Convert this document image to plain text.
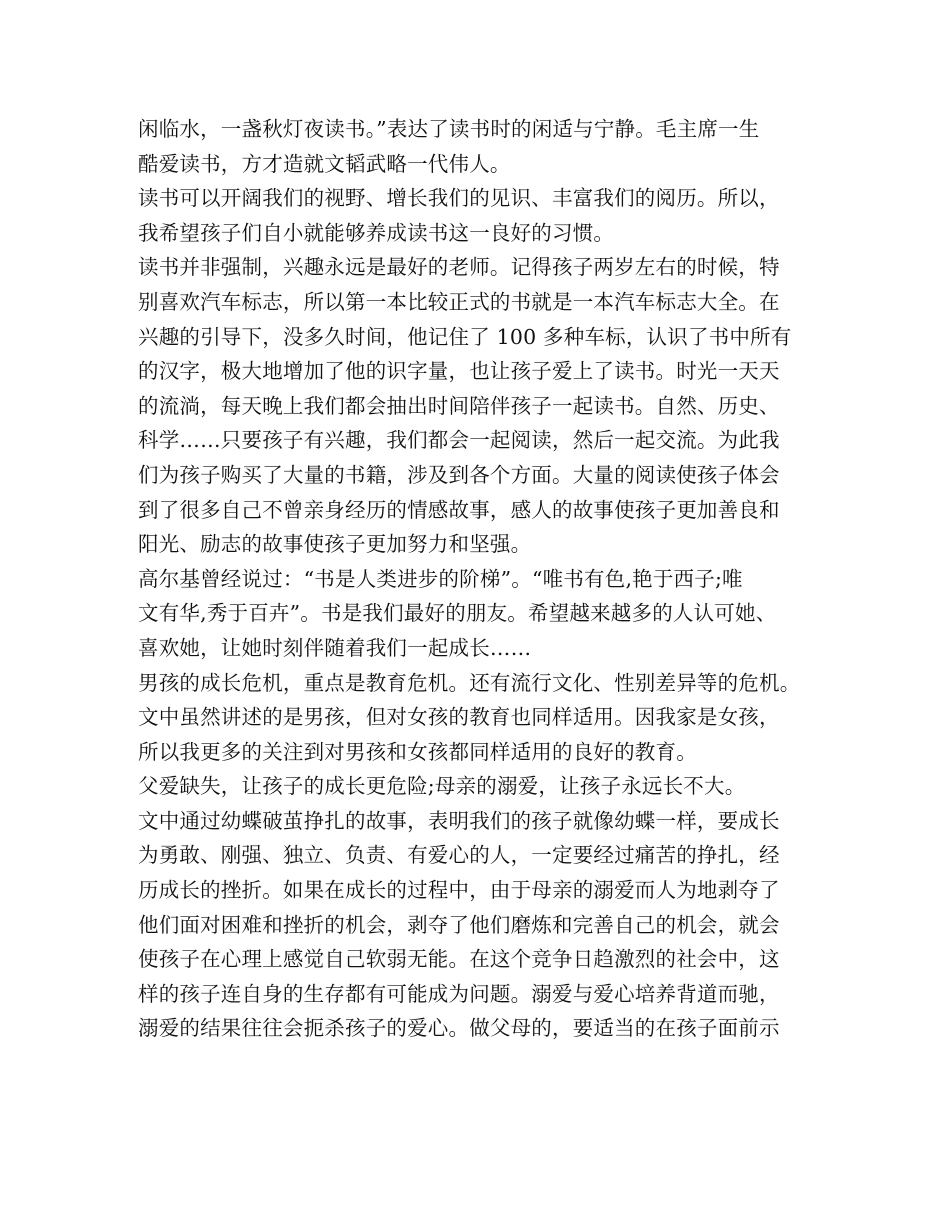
闲临水，一盏秋灯夜读书。”表达了读书时的闲适与宁静。毛主席一生
酷爱读书，方才造就文韬武略一代伟人。
读书可以开阔我们的视野、增长我们的见识、丰富我们的阅历。所以，
我希望孩子们自小就能够养成读书这一良好的习惯。
读书并非强制，兴趣永远是最好的老师。记得孩子两岁左右的时候，特
别喜欢汽车标志，所以第一本比较正式的书就是一本汽车标志大全。在
兴趣的引导下，没多久时间，他记住了 100 多种车标，认识了书中所有
的汉字，极大地增加了他的识字量，也让孩子爱上了读书。时光一天天
的流淌，每天晚上我们都会抽出时间陪伴孩子一起读书。自然、历史、
科学……只要孩子有兴趣，我们都会一起阅读，然后一起交流。为此我
们为孩子购买了大量的书籍，涉及到各个方面。大量的阅读使孩子体会
到了很多自己不曾亲身经历的情感故事，感人的故事使孩子更加善良和
阳光、励志的故事使孩子更加努力和坚强。
高尔基曾经说过：“书是人类进步的阶梯”。“唯书有色,艳于西子;唯
文有华,秀于百卉”。书是我们最好的朋友。希望越来越多的人认可她、
喜欢她，让她时刻伴随着我们一起成长……
男孩的成长危机，重点是教育危机。还有流行文化、性别差异等的危机。
文中虽然讲述的是男孩，但对女孩的教育也同样适用。因我家是女孩，
所以我更多的关注到对男孩和女孩都同样适用的良好的教育。
父爱缺失，让孩子的成长更危险;母亲的溺爱，让孩子永远长不大。
文中通过幼蝶破茧挣扎的故事，表明我们的孩子就像幼蝶一样，要成长
为勇敢、刚强、独立、负责、有爱心的人，一定要经过痛苦的挣扎，经
历成长的挫折。如果在成长的过程中，由于母亲的溺爱而人为地剥夺了
他们面对困难和挫折的机会，剥夺了他们磨炼和完善自己的机会，就会
使孩子在心理上感觉自己软弱无能。在这个竞争日趋激烈的社会中，这
样的孩子连自身的生存都有可能成为问题。溺爱与爱心培养背道而驰，
溺爱的结果往往会扼杀孩子的爱心。做父母的，要适当的在孩子面前示
